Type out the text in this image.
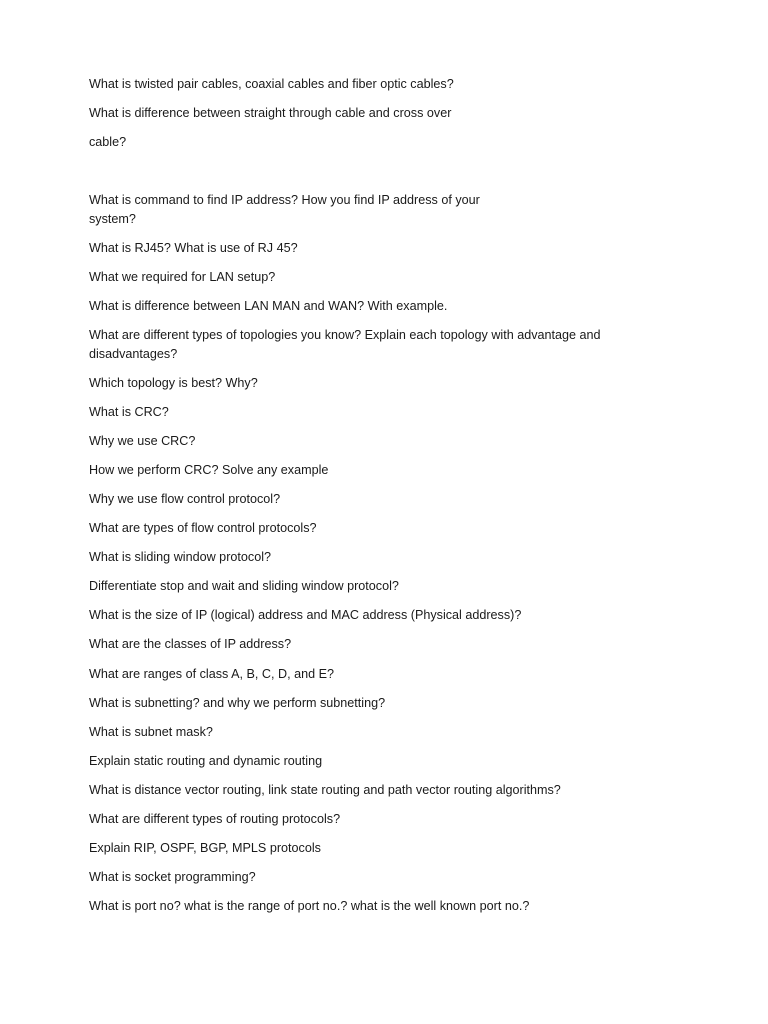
What is twisted pair cables, coaxial cables and fiber optic cables?

What is difference between straight through cable and cross over

cable?

What is command to find IP address? How you find IP address of your

system?

What is RJ45? What is use of RJ 45?

What we required for LAN setup?

What is difference between LAN MAN and WAN? With example.

What are different types of topologies you know? Explain each topology with advantage and

disadvantages?

Which topology is best? Why?

What is CRC?

Why we use CRC?

How we perform CRC? Solve any example

Why we use flow control protocol?

What are types of flow control protocols?

What is sliding window protocol?

Differentiate stop and wait and sliding window protocol?

What is the size of IP (logical) address and MAC address (Physical address)?

What are the classes of IP address?

What are ranges of class A, B, C, D, and E?

What is subnetting? and why we perform subnetting?

What is subnet mask?

Explain static routing and dynamic routing

What is distance vector routing, link state routing and path vector routing algorithms?

What are different types of routing protocols?

Explain RIP, OSPF, BGP, MPLS protocols

What is socket programming?

What is port no? what is the range of port no.? what is the well known port no.?
